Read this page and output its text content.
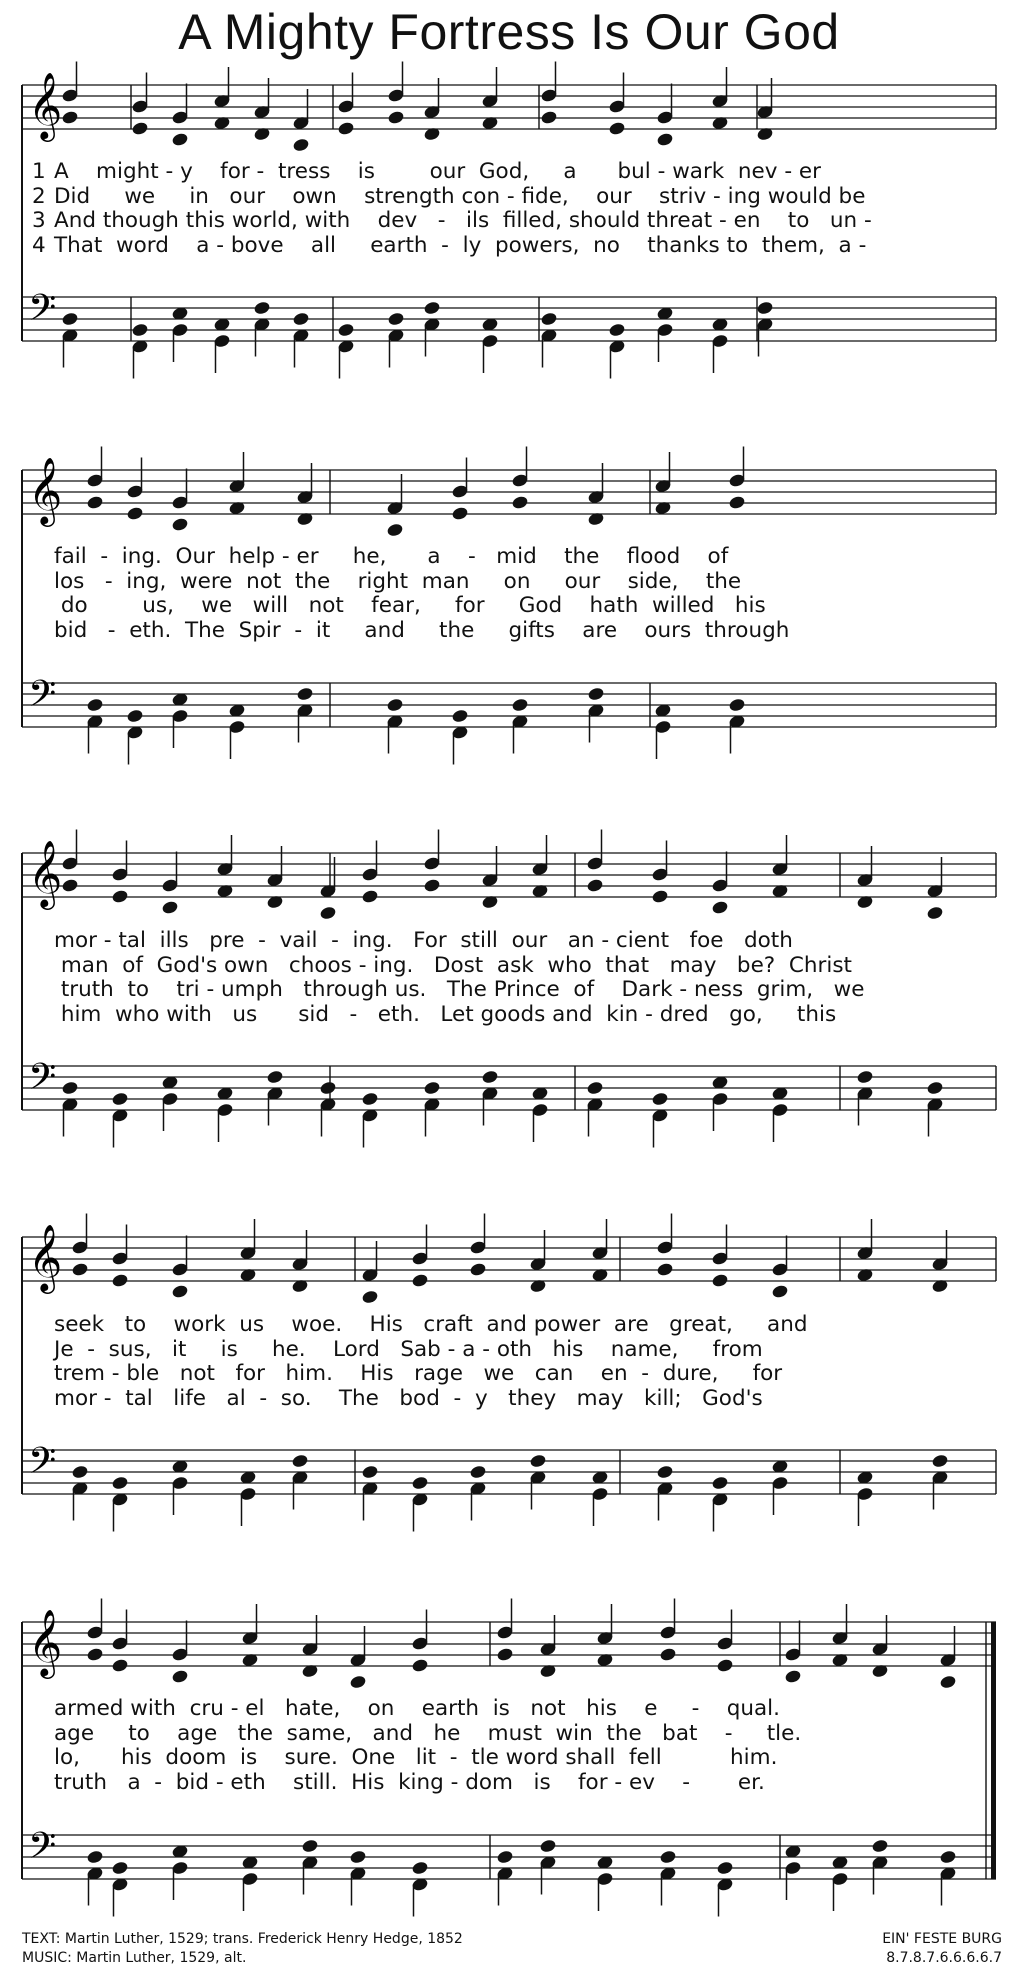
A Mighty Fortress Is Our God
𝄞
𝄢
𝄞
𝄢
𝄞
𝄢
𝄞
𝄢
𝄞
𝄢
1 A    might - y    for -  tress    is        our  God,     a      bul - wark  nev - er
2 Did     we     in   our    own    strength con - fide,    our    striv - ing would be
3 And though this world, with    dev   -   ils  filled, should threat - en    to   un -
4 That  word    a - bove    all     earth  -  ly  powers,  no    thanks to  them,  a -
fail  -  ing.  Our  help - er     he,      a    -   mid    the    flood    of
los   -  ing,  were  not  the    right  man     on     our    side,    the
do        us,    we   will   not    fear,     for     God    hath  willed   his
bid   -  eth.  The  Spir  -  it     and     the     gifts    are    ours  through
mor - tal  ills   pre  -  vail  -  ing.   For  still  our   an - cient   foe   doth
man  of  God's own   choos - ing.   Dost  ask  who  that   may   be?  Christ
truth  to    tri - umph   through us.   The Prince  of    Dark - ness  grim,   we
him  who with   us      sid   -   eth.   Let goods and  kin - dred   go,     this
seek   to    work  us    woe.    His   craft  and power  are   great,     and
Je  -  sus,   it     is     he.    Lord   Sab - a - oth   his    name,     from
trem - ble   not   for   him.    His   rage   we   can    en  -  dure,     for
mor -  tal   life   al  -  so.    The   bod  -  y   they   may   kill;   God's
armed with  cru - el   hate,    on    earth  is   not   his    e     -    qual.
age     to    age   the  same,   and   he    must  win  the   bat    -     tle.
lo,      his  doom  is    sure.  One   lit  -  tle word shall  fell          him.
truth   a  -  bid - eth    still.  His  king - dom   is    for - ev    -       er.
TEXT: Martin Luther, 1529; trans. Frederick Henry Hedge, 1852
MUSIC: Martin Luther, 1529, alt.
EIN' FESTE BURG
8.7.8.7.6.6.6.6.7
